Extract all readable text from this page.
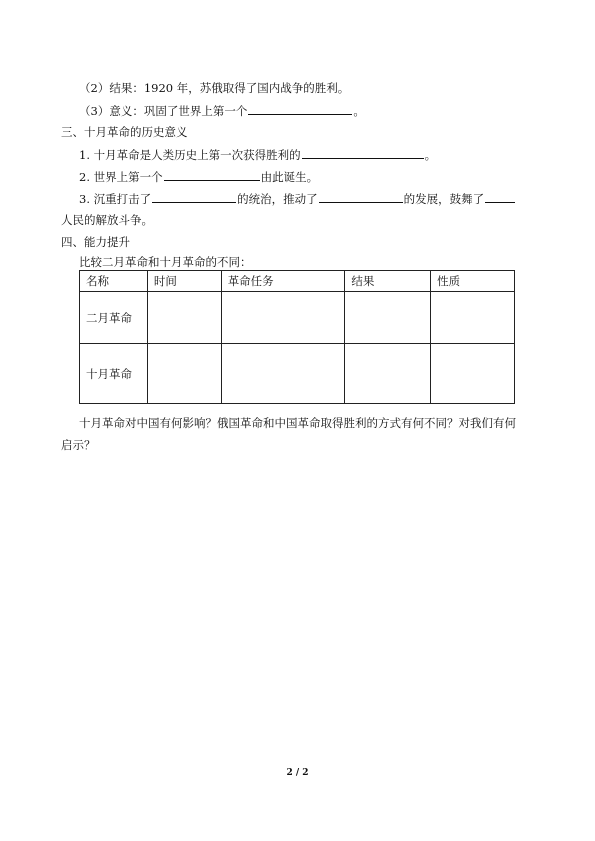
（2）结果：1920 年，苏俄取得了国内战争的胜利。
（3）意义：巩固了世界上第一个	。
三、十月革命的历史意义
1. 十月革命是人类历史上第一次获得胜利的	。
2. 世界上第一个	由此诞生。
3. 沉重打击了	的统治，推动了	的发展，鼓舞了
人民的解放斗争。
四、能力提升
比较二月革命和十月革命的不同：
名称	时间	革命任务	结果	性质
二月革命				
十月革命				
十月革命对中国有何影响？俄国革命和中国革命取得胜利的方式有何不同？对我们有何
启示？
2 / 2
